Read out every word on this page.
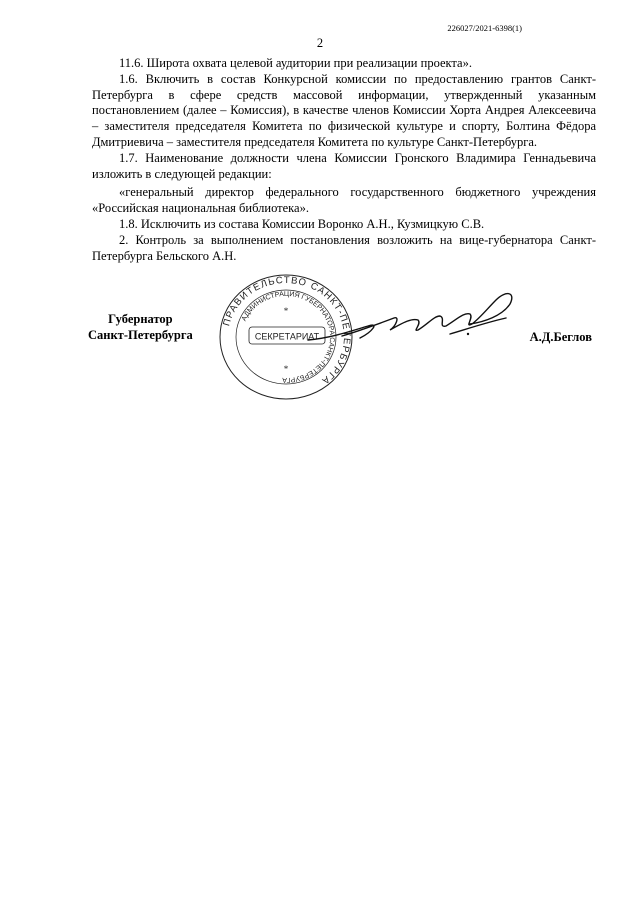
226027/2021-6398(1)
2

11.6. Широта охвата целевой аудитории при реализации проекта».

1.6. Включить в состав Конкурсной комиссии по предоставлению грантов Санкт-Петербурга в сфере средств массовой информации, утвержденный указанным постановлением (далее – Комиссия), в качестве членов Комиссии Хорта Андрея Алексеевича – заместителя председателя Комитета по физической культуре и спорту, Болтина Фёдора Дмитриевича – заместителя председателя Комитета по культуре Санкт-Петербурга.

1.7. Наименование должности члена Комиссии Гронского Владимира Геннадьевича изложить в следующей редакции:

«генеральный директор федерального государственного бюджетного учреждения «Российская национальная библиотека».

1.8. Исключить из состава Комиссии Воронко А.Н., Кузмицкую С.В.

2. Контроль за выполнением постановления возложить на вице-губернатора Санкт-Петербурга Бельского А.Н.

Губернатор
Санкт-Петербурга
ПРАВИТЕЛЬСТВО САНКТ-ПЕТЕРБУРГА
АДМИНИСТРАЦИЯ ГУБЕРНАТОРА САНКТ-ПЕТЕРБУРГА
СЕКРЕТАРИАТ
*
*
А.Д.Беглов
